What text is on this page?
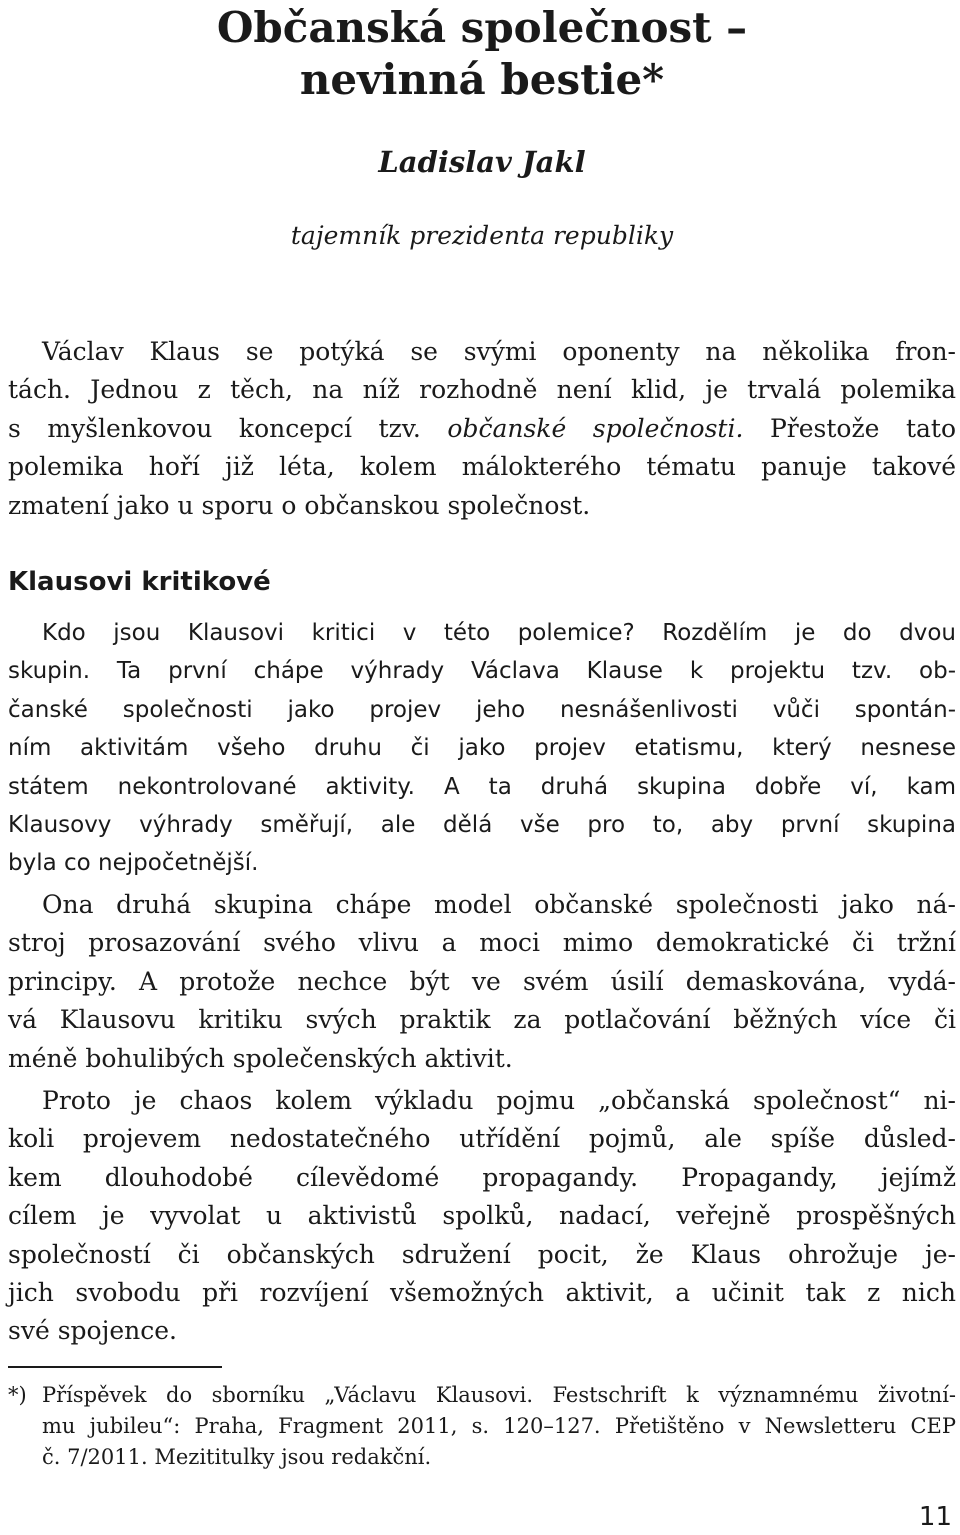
Občanská společnost –
nevinná bestie*

Ladislav Jakl

tajemník prezidenta republiky

Václav Klaus se potýká se svými oponenty na několika fron-
tách. Jednou z těch, na níž rozhodně není klid, je trvalá polemika
s myšlenkovou koncepcí tzv. občanské společnosti. Přestože tato
polemika hoří již léta, kolem málokterého tématu panuje takové
zmatení jako u sporu o občanskou společnost.
Klausovi kritikové
Kdo jsou Klausovi kritici v této polemice? Rozdělím je do dvou
skupin. Ta první chápe výhrady Václava Klause k projektu tzv. ob-
čanské společnosti jako projev jeho nesnášenlivosti vůči spontán-
ním aktivitám všeho druhu či jako projev etatismu, který nesnese
státem nekontrolované aktivity. A ta druhá skupina dobře ví, kam
Klausovy výhrady směřují, ale dělá vše pro to, aby první skupina
byla co nejpočetnější.
Ona druhá skupina chápe model občanské společnosti jako ná-
stroj prosazování svého vlivu a moci mimo demokratické či tržní
principy. A protože nechce být ve svém úsilí demaskována, vydá-
vá Klausovu kritiku svých praktik za potlačování běžných více či
méně bohulibých společenských aktivit.
Proto je chaos kolem výkladu pojmu „občanská společnost“ ni-
koli projevem nedostatečného utřídění pojmů, ale spíše důsled-
kem dlouhodobé cílevědomé propagandy. Propagandy, jejímž
cílem je vyvolat u aktivistů spolků, nadací, veřejně prospěšných
společností či občanských sdružení pocit, že Klaus ohrožuje je-
jich svobodu při rozvíjení všemožných aktivit, a učinit tak z nich
své spojence.
*) Příspěvek do sborníku „Václavu Klausovi. Festschrift k významnému životní-
mu jubileu“: Praha, Fragment 2011, s. 120–127. Přetištěno v Newsletteru CEP
č. 7/2011. Mezititulky jsou redakční.

11
